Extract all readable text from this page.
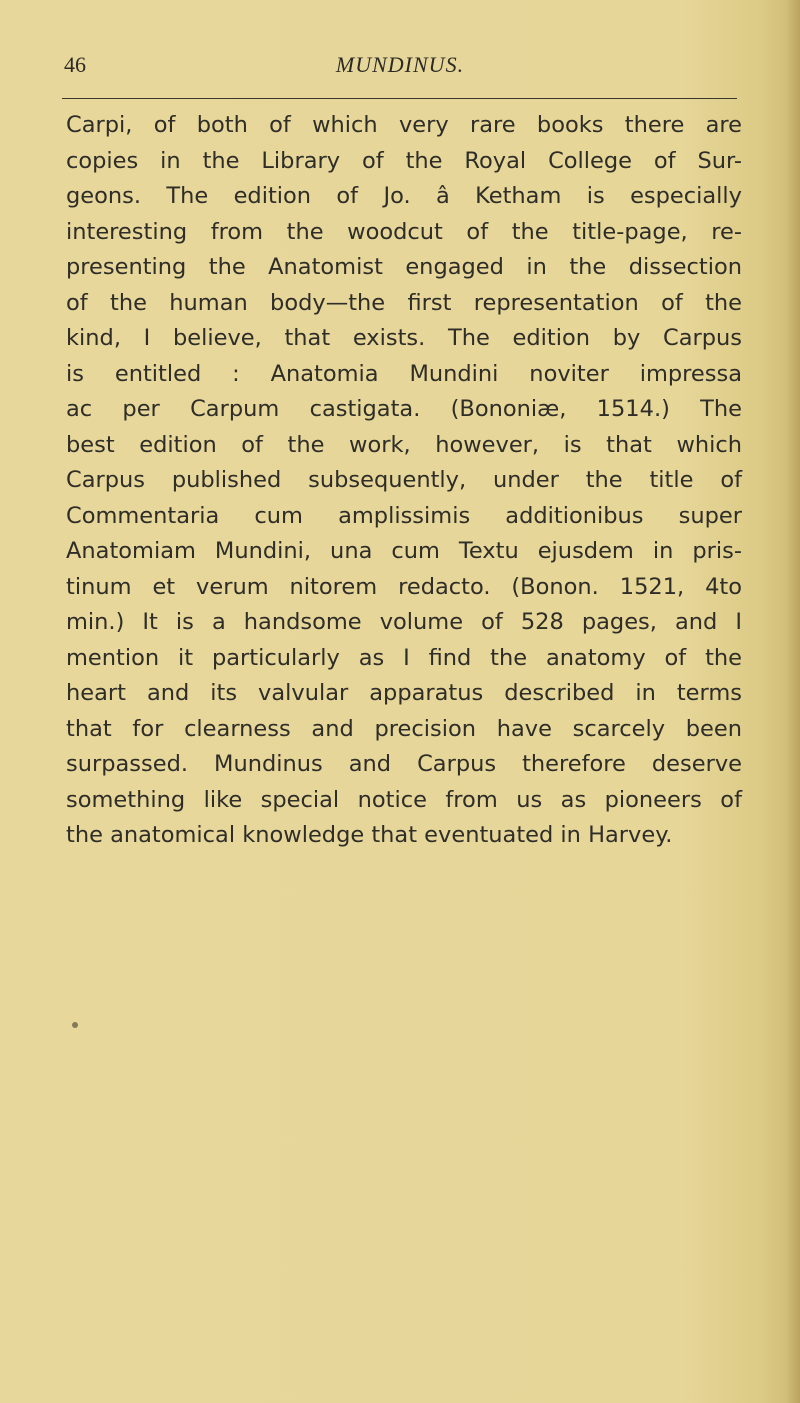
46	MUNDINUS.
Carpi, of both of which very rare books there are
copies in the Library of the Royal College of Sur-
geons. The edition of Jo. â Ketham is especially
interesting from the woodcut of the title-page, re-
presenting the Anatomist engaged in the dissection
of the human body—the first representation of the
kind, I believe, that exists. The edition by Carpus
is entitled : Anatomia Mundini noviter impressa
ac per Carpum castigata. (Bononiæ, 1514.) The
best edition of the work, however, is that which
Carpus published subsequently, under the title of
Commentaria cum amplissimis additionibus super
Anatomiam Mundini, una cum Textu ejusdem in pris-
tinum et verum nitorem redacto. (Bonon. 1521, 4to
min.) It is a handsome volume of 528 pages, and I
mention it particularly as I find the anatomy of the
heart and its valvular apparatus described in terms
that for clearness and precision have scarcely been
surpassed. Mundinus and Carpus therefore deserve
something like special notice from us as pioneers of
the anatomical knowledge that eventuated in Harvey.
